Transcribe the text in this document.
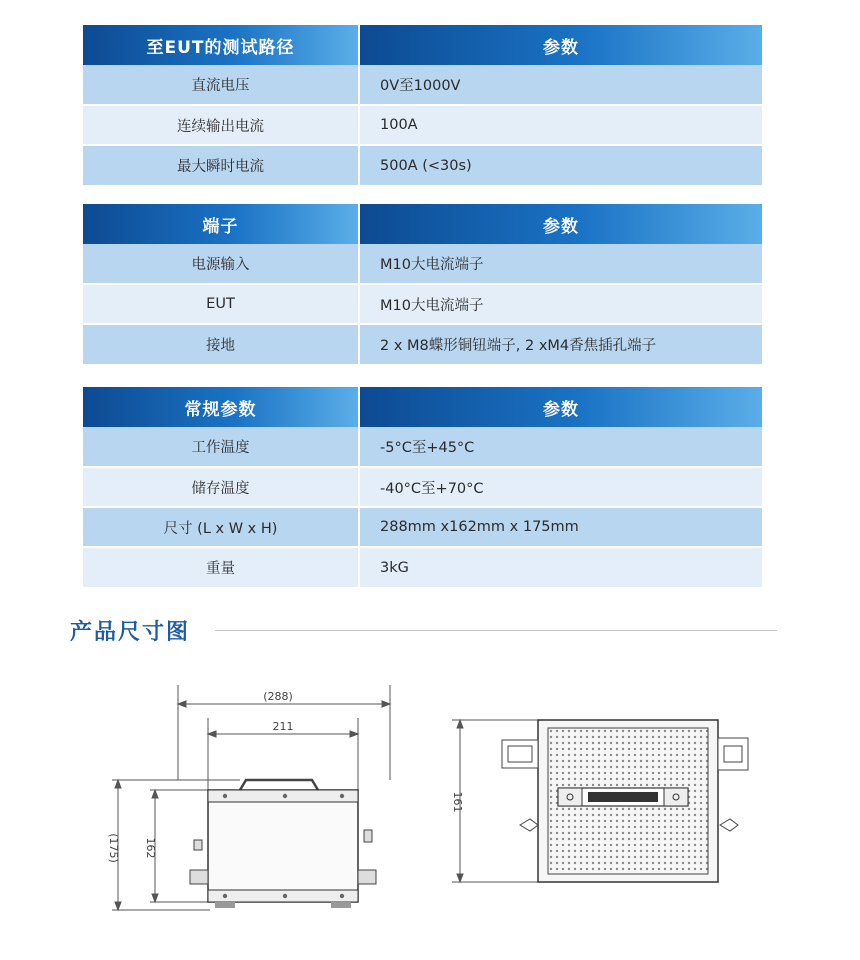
至EUT的测试路径	参数
直流电压	0V至1000V
连续输出电流	100A
最大瞬时电流	500A (<30s)
端子	参数
电源输入	M10大电流端子
EUT	M10大电流端子
接地	2 x M8蝶形铜钮端子, 2 xM4香焦插孔端子
常规参数	参数
工作温度	-5°C至+45°C
储存温度	-40°C至+70°C
尺寸 (L x W x H)	288mm x162mm x 175mm
重量	3kG
产品尺寸图
(288)
211
(175) 162
161
